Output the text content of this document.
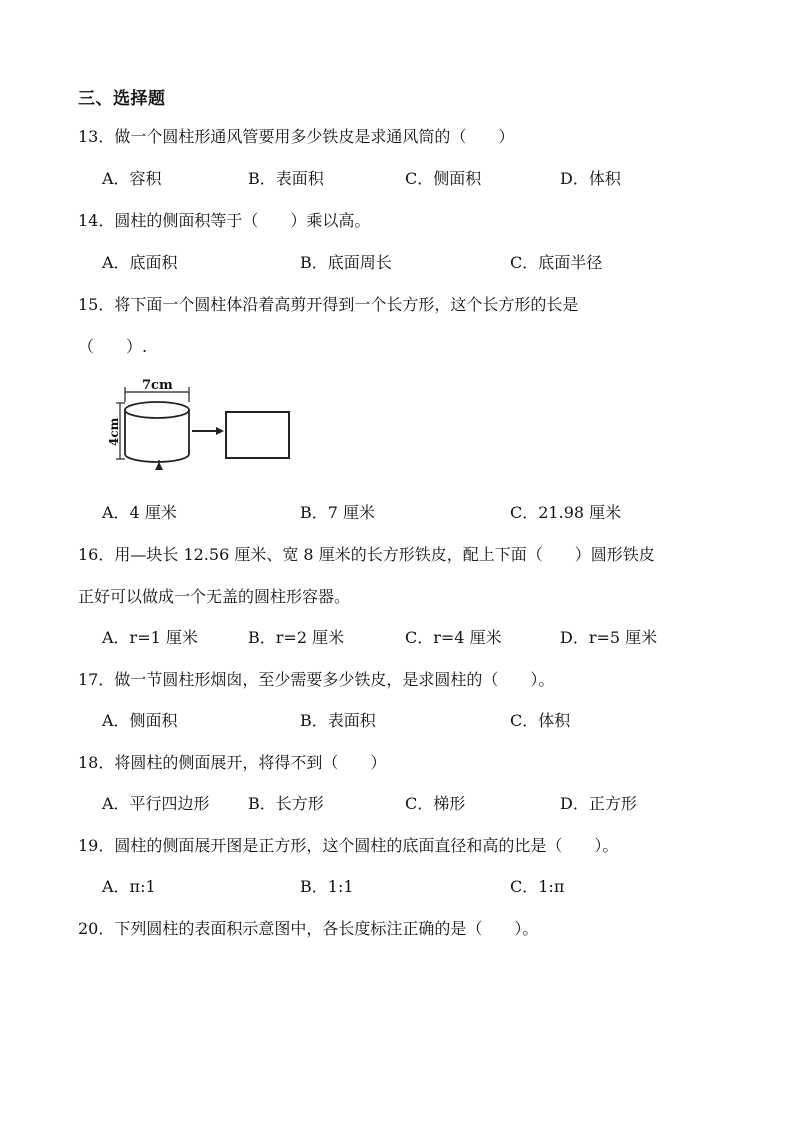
三、选择题
13．做一个圆柱形通风管要用多少铁皮是求通风筒的（　　）
A．容积	B．表面积	C．侧面积	D．体积
14．圆柱的侧面积等于（　　）乘以高。
A．底面积	B．底面周长	C．底面半径
15．将下面一个圆柱体沿着高剪开得到一个长方形，这个长方形的长是
（　　）.
7cm
4cm
A．4 厘米	B．7 厘米	C．21.98 厘米
16．用—块长 12.56 厘米、宽 8 厘米的长方形铁皮，配上下面（　　）圆形铁皮
正好可以做成一个无盖的圆柱形容器。
A．r=1 厘米	B．r=2 厘米	C．r=4 厘米	D．r=5 厘米
17．做一节圆柱形烟囱，至少需要多少铁皮，是求圆柱的（　　）。
A．侧面积	B．表面积	C．体积
18．将圆柱的侧面展开，将得不到（　　）
A．平行四边形 B．长方形	C．梯形	D．正方形
19．圆柱的侧面展开图是正方形，这个圆柱的底面直径和高的比是（　　）。
A．π:1	B．1:1	C．1:π
20．下列圆柱的表面积示意图中，各长度标注正确的是（　　）。
